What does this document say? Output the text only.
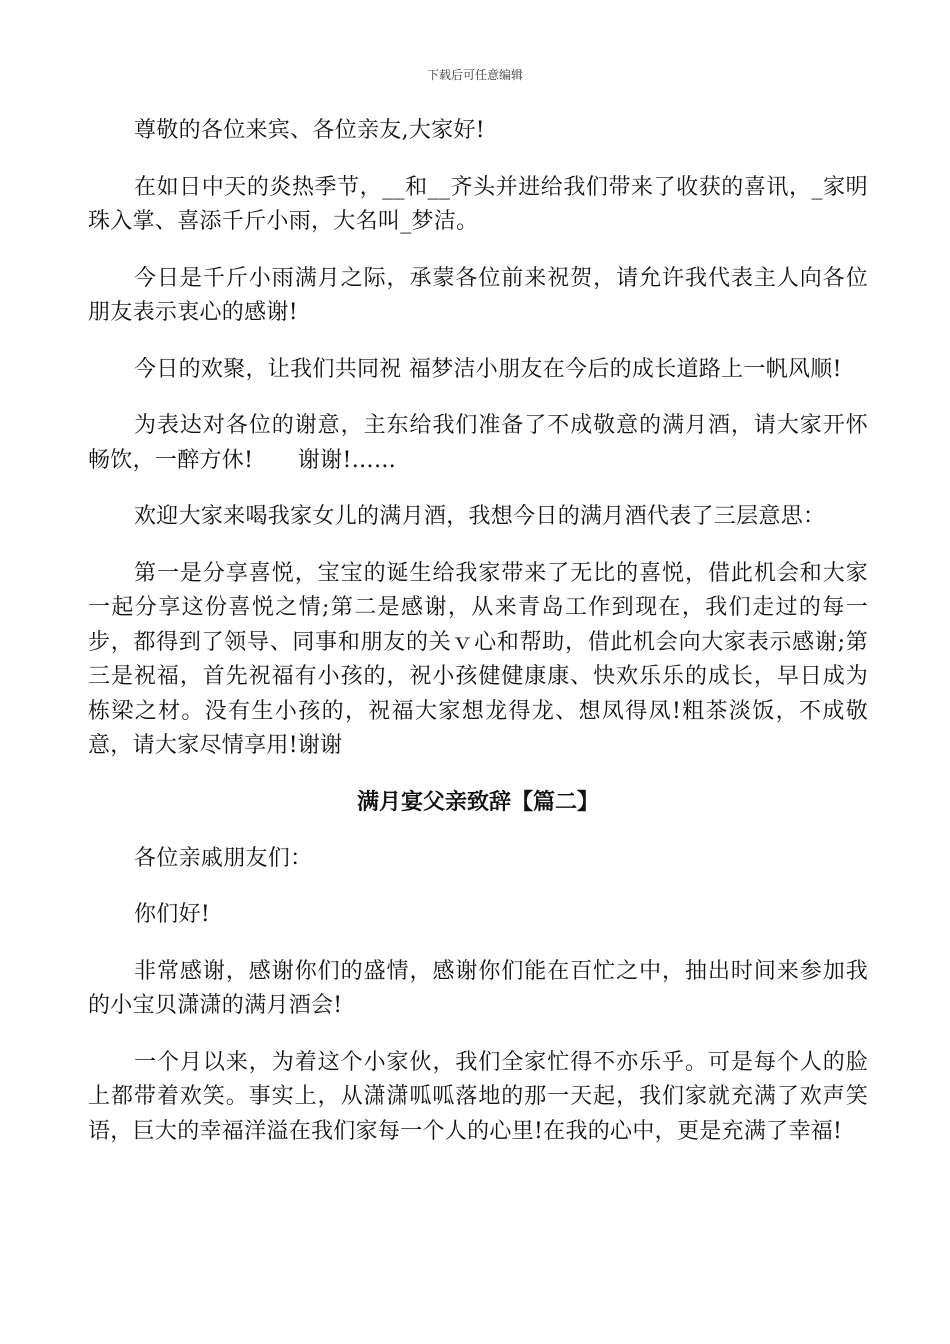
下载后可任意编辑

尊敬的各位来宾、各位亲友,大家好!

在如日中天的炎热季节，__和__齐头并进给我们带来了收获的喜讯，_家明珠入掌、喜添千斤小雨，大名叫_梦洁。

今日是千斤小雨满月之际，承蒙各位前来祝贺，请允许我代表主人向各位朋友表示衷心的感谢!

今日的欢聚，让我们共同祝 福梦洁小朋友在今后的成长道路上一帆风顺!

为表达对各位的谢意，主东给我们准备了不成敬意的满月酒，请大家开怀畅饮，一醉方休!　　谢谢!……

欢迎大家来喝我家女儿的满月酒，我想今日的满月酒代表了三层意思：

第一是分享喜悦，宝宝的诞生给我家带来了无比的喜悦，借此机会和大家一起分享这份喜悦之情;第二是感谢，从来青岛工作到现在，我们走过的每一步，都得到了领导、同事和朋友的关ｖ心和帮助，借此机会向大家表示感谢;第三是祝福，首先祝福有小孩的，祝小孩健健康康、快欢乐乐的成长，早日成为栋梁之材。没有生小孩的，祝福大家想龙得龙、想凤得凤!粗茶淡饭，不成敬意，请大家尽情享用!谢谢

满月宴父亲致辞【篇二】

各位亲戚朋友们：

你们好!

非常感谢，感谢你们的盛情，感谢你们能在百忙之中，抽出时间来参加我的小宝贝潇潇的满月酒会!

一个月以来，为着这个小家伙，我们全家忙得不亦乐乎。可是每个人的脸上都带着欢笑。事实上，从潇潇呱呱落地的那一天起，我们家就充满了欢声笑语，巨大的幸福洋溢在我们家每一个人的心里!在我的心中，更是充满了幸福!
